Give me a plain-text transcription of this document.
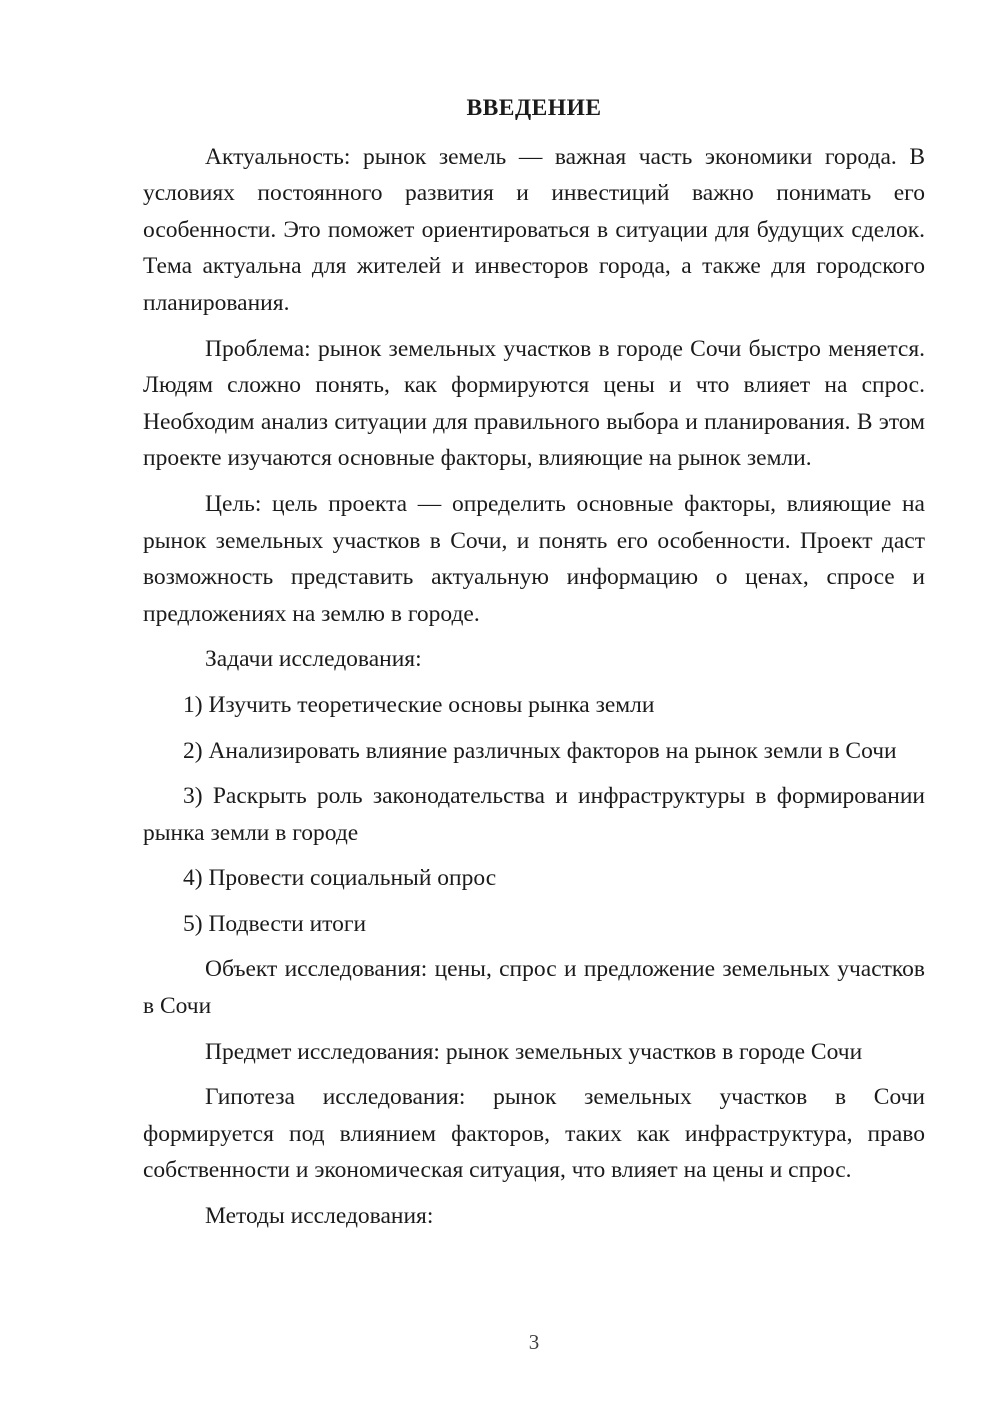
ВВЕДЕНИЕ

Актуальность: рынок земель — важная часть экономики города. В условиях постоянного развития и инвестиций важно понимать его особенности. Это поможет ориентироваться в ситуации для будущих сделок. Тема актуальна для жителей и инвесторов города, а также для городского планирования.

Проблема: рынок земельных участков в городе Сочи быстро меняется. Людям сложно понять, как формируются цены и что влияет на спрос. Необходим анализ ситуации для правильного выбора и планирования. В этом проекте изучаются основные факторы, влияющие на рынок земли.

Цель: цель проекта — определить основные факторы, влияющие на рынок земельных участков в Сочи, и понять его особенности. Проект даст возможность представить актуальную информацию о ценах, спросе и предложениях на землю в городе.

Задачи исследования:

1) Изучить теоретические основы рынка земли

2) Анализировать влияние различных факторов на рынок земли в Сочи

3) Раскрыть роль законодательства и инфраструктуры в формировании рынка земли в городе

4) Провести социальный опрос

5) Подвести итоги

Объект исследования: цены, спрос и предложение земельных участков в Сочи

Предмет исследования: рынок земельных участков в городе Сочи

Гипотеза исследования: рынок земельных участков в Сочи формируется под влиянием факторов, таких как инфраструктура, право собственности и экономическая ситуация, что влияет на цены и спрос.

Методы исследования:

3
